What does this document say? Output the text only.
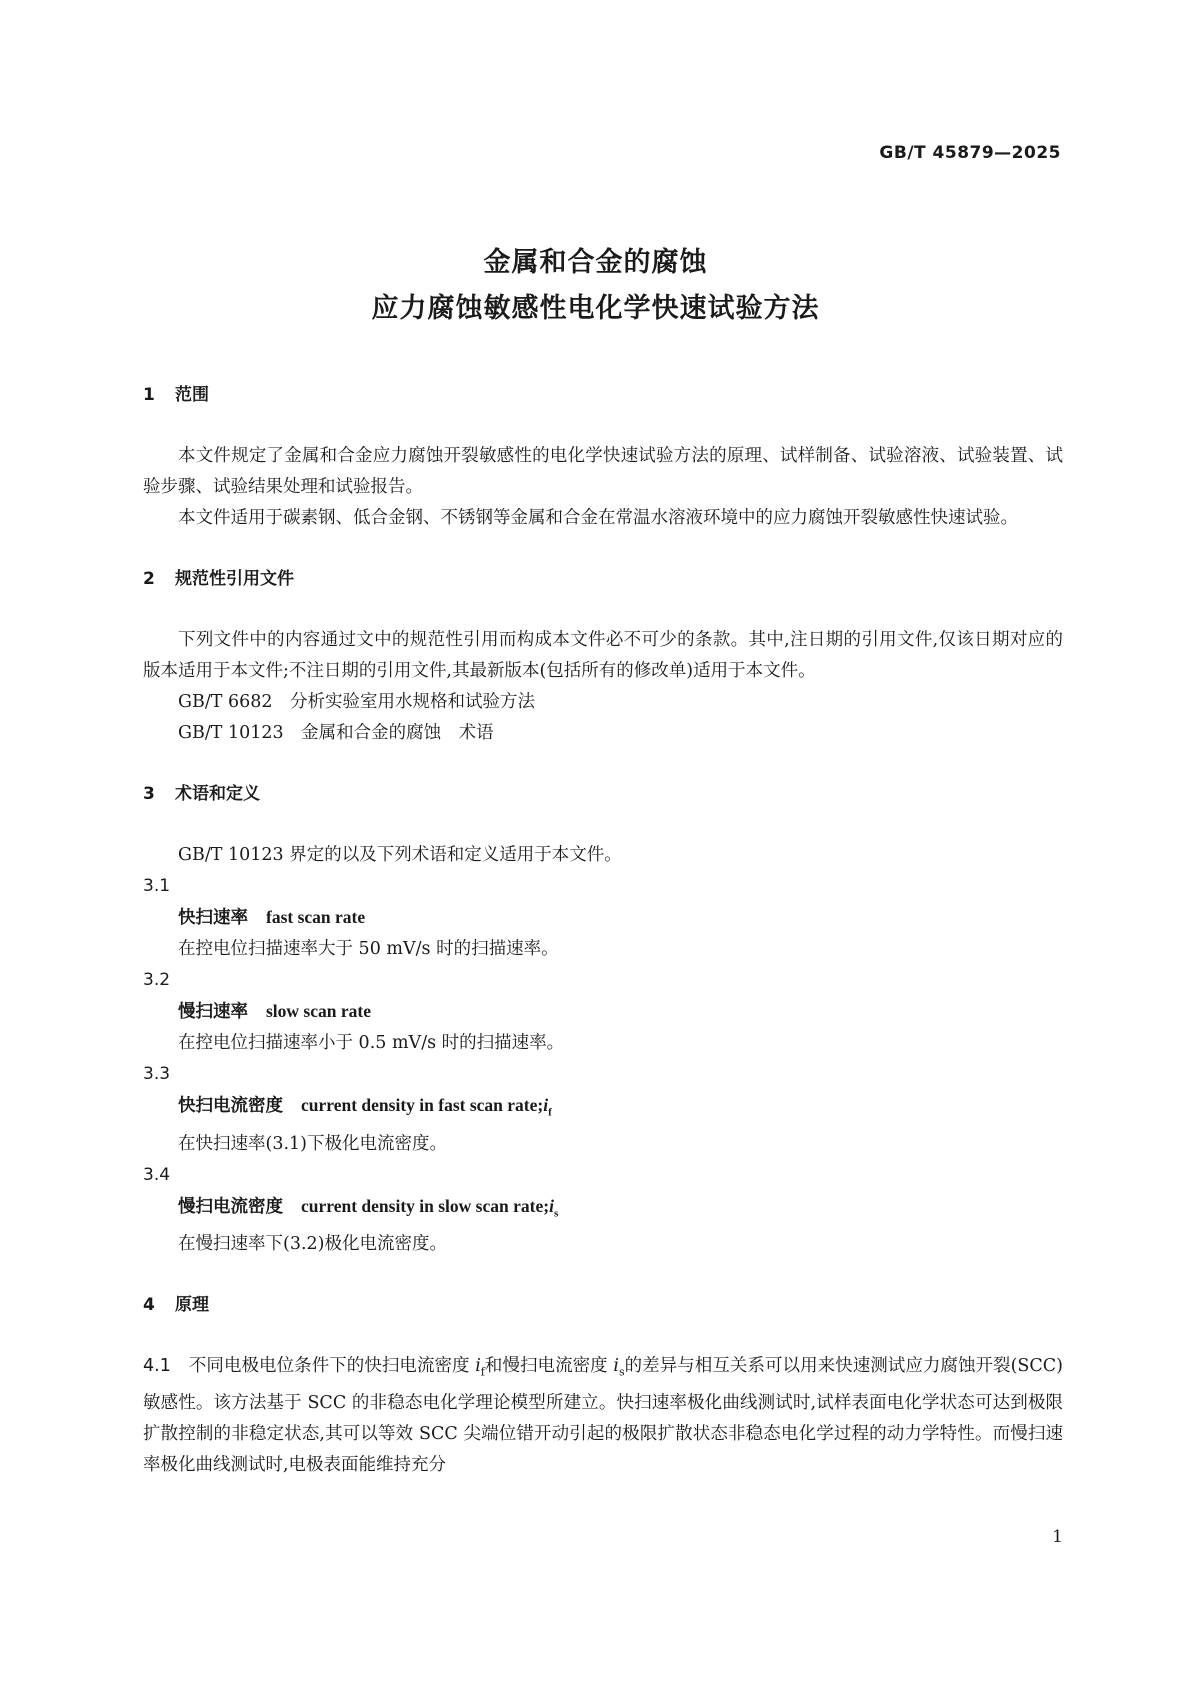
GB/T 45879—2025
金属和合金的腐蚀
应力腐蚀敏感性电化学快速试验方法

1	范围

本文件规定了金属和合金应力腐蚀开裂敏感性的电化学快速试验方法的原理、试样制备、试验溶液、试验装置、试验步骤、试验结果处理和试验报告。

本文件适用于碳素钢、低合金钢、不锈钢等金属和合金在常温水溶液环境中的应力腐蚀开裂敏感性快速试验。

2	规范性引用文件

下列文件中的内容通过文中的规范性引用而构成本文件必不可少的条款。其中,注日期的引用文件,仅该日期对应的版本适用于本文件;不注日期的引用文件,其最新版本(包括所有的修改单)适用于本文件。

GB/T 6682　分析实验室用水规格和试验方法

GB/T 10123　金属和合金的腐蚀　术语

3	术语和定义

GB/T 10123 界定的以及下列术语和定义适用于本文件。

3.1

快扫速率 fast scan rate

在控电位扫描速率大于 50 mV/s 时的扫描速率。

3.2

慢扫速率 slow scan rate

在控电位扫描速率小于 0.5 mV/s 时的扫描速率。

3.3

快扫电流密度 current density in fast scan $rate;i_f$

在快扫速率(3.1)下极化电流密度。

3.4

慢扫电流密度 current density in slow scan $rate;i_s$

在慢扫速率下(3.2)极化电流密度。

4	原理

4.1 不同电极电位条件下的快扫电流密度 $i_f$和慢扫电流密度 $i_s$的差异与相互关系可以用来快速测试应力腐蚀开裂(SCC)敏感性。该方法基于 SCC 的非稳态电化学理论模型所建立。快扫速率极化曲线测试时,试样表面电化学状态可达到极限扩散控制的非稳定状态,其可以等效 SCC 尖端位错开动引起的极限扩散状态非稳态电化学过程的动力学特性。而慢扫速率极化曲线测试时,电极表面能维持充分

1
